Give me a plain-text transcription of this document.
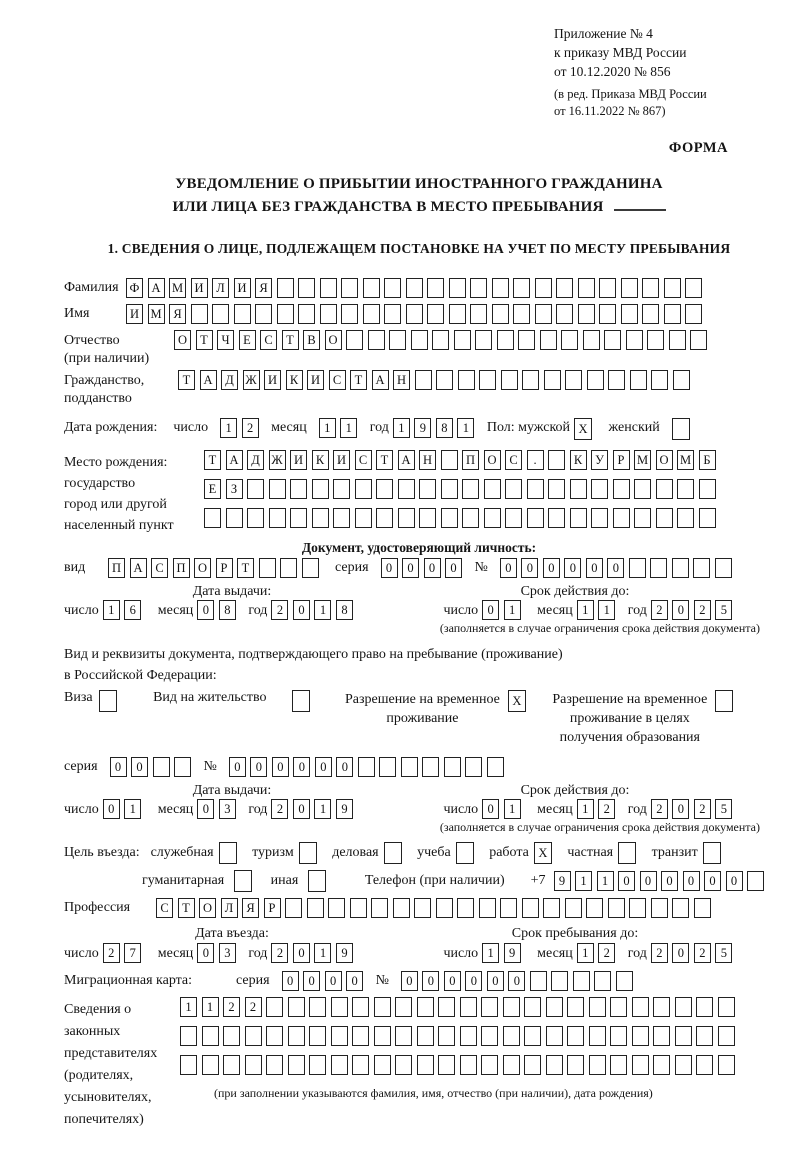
Приложение № 4
к приказу МВД России
от 10.12.2020 № 856
(в ред. Приказа МВД России
от 16.11.2022 № 867)
ФОРМА
УВЕДОМЛЕНИЕ О ПРИБЫТИИ ИНОСТРАННОГО ГРАЖДАНИНА
ИЛИ ЛИЦА БЕЗ ГРАЖДАНСТВА В МЕСТО ПРЕБЫВАНИЯ
1. СВЕДЕНИЯ О ЛИЦЕ, ПОДЛЕЖАЩЕМ ПОСТАНОВКЕ НА УЧЕТ ПО МЕСТУ ПРЕБЫВАНИЯ
Фамилия Ф А М И	Л	И	Я
Имя	И М Я
Отчество
(при наличии)
О	Т	Ч	Е	С	Т	В	О
Гражданство,
подданство
Т	А	Д Ж И	К	И	С	Т	А Н
Дата рождения: число	1	2	месяц	1	1	год 1	9	8	1	Пол: мужской X	женский
Место рождения:
государство
город или другой
населенный пункт
Т	А	Д Ж И	К	И	С	Т	А Н	П О	С	.	К	У	Р М О М Б
Е	З
Документ, удостоверяющий личность:
вид	П А	С	П О	Р	Т	серия	0	0	0	0	№	0	0	0	0	0	0
Дата выдачи:	Срок действия до:
число 1	6	месяц 0	8	год 2	0	1	8	число 0	1	месяц 1	1	год 2	0	2	5
(заполняется в случае ограничения срока действия документа)
Вид и реквизиты документа, подтверждающего право на пребывание (проживание)
в Российской Федерации:
Виза	Вид на жительство	Разрешение на временное
проживание
X	Разрешение на временное
проживание в целях
получения образования
серия	0	0	№	0	0	0	0	0	0
Дата выдачи:	Срок действия до:
число 0	1	месяц 0	3	год 2	0	1	9	число 0	1	месяц 1	2	год 2	0	2	5
(заполняется в случае ограничения срока действия документа)
Цель въезда: служебная	туризм	деловая	учеба	работа X	частная	транзит
гуманитарная	иная	Телефон (при наличии) +7	9	1	1	0	0	0	0	0	0
Профессия	С	Т	О	Л	Я	Р
Дата въезда:	Срок пребывания до:
число 2	7	месяц 0	3	год 2	0	1	9	число 1	9	месяц 1	2	год 2	0	2	5
Миграционная карта:	серия	0	0	0	0	№	0	0	0	0	0	0
Сведения о
законных
представителях
(родителях,
усыновителях,
попечителях)
1	1	2	2
(при заполнении указываются фамилия, имя, отчество (при наличии), дата рождения)
